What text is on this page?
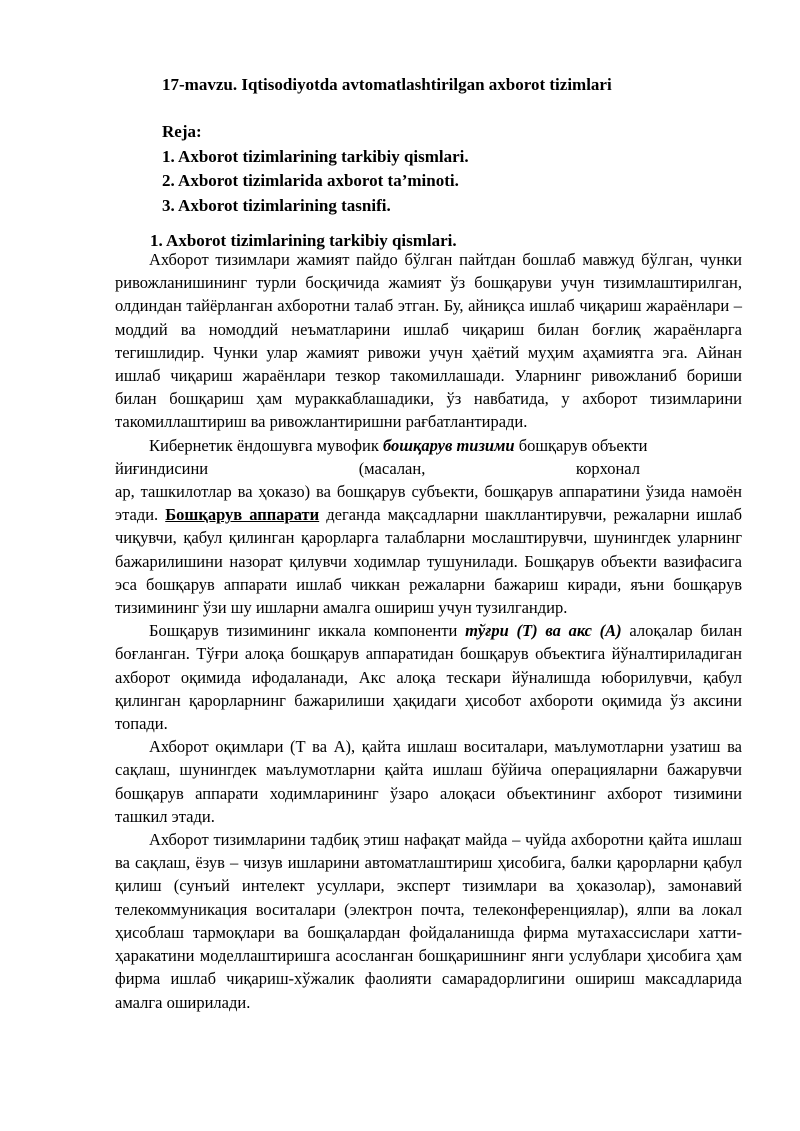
17-mavzu. Iqtisodiyotda avtomatlashtirilgan axborot tizimlari
Reja:
1. Axborot tizimlarining tarkibiy qismlari.
2. Axborot tizimlarida axborot ta’minoti.
3. Axborot tizimlarining tasnifi.
1. Axborot tizimlarining tarkibiy qismlari.

Ахборот тизимлари жамият пайдо бўлган пайтдан бошлаб мавжуд бўлган, чунки ривожланишининг турли босқичида жамият ўз бошқаруви учун тизимлаштирилган, олдиндан тайёрланган ахборотни талаб этган. Бу, айниқса ишлаб чиқариш жараёнлари – моддий ва номоддий неъматларини ишлаб чиқариш билан боғлиқ жараёнларга тегишлидир. Чунки улар жамият ривожи учун ҳаётий муҳим аҳамиятга эга. Айнан ишлаб чиқариш жараёнлари тезкор такомиллашади. Уларнинг ривожланиб бориши билан бошқариш ҳам мураккаблашадики, ўз навбатида, у ахборот тизимларини такомиллаштириш ва ривожлантиришни рағбатлантиради.

Кибернетик ёндошувга мувофик бошқарув тизими бошқарув объекти

йиғиндисини	(масалан,	корхонал

ар, ташкилотлар ва ҳоказо) ва бошқарув субъекти, бошқарув аппаратини ўзида намоён этади. Бошқарув аппарати деганда мақсадларни шакллантирувчи, режаларни ишлаб чиқувчи, қабул қилинган қарорларга талабларни мослаштирувчи, шунингдек уларнинг бажарилишини назорат қилувчи ходимлар тушунилади. Бошқарув объекти вазифасига эса бошқарув аппарати ишлаб чиккан режаларни бажариш киради, яъни бошқарув тизимининг ўзи шу ишларни амалга ошириш учун тузилгандир.

Бошқарув тизимининг иккала компоненти тўғри (Т) ва акс (А) алоқалар билан боғланган. Тўғри алоқа бошқарув аппаратидан бошқарув объектига йўналтириладиган ахборот оқимида ифодаланади, Акс алоқа тескари йўналишда юборилувчи, қабул қилинган қарорларнинг бажарилиши ҳақидаги ҳисобот ахбороти оқимида ўз аксини топади.

Ахборот оқимлари (Т ва А), қайта ишлаш воситалари, маълумотларни узатиш ва сақлаш, шунингдек маълумотларни қайта ишлаш бўйича операцияларни бажарувчи бошқарув аппарати ходимларининг ўзаро алоқаси объектининг ахборот тизимини ташкил этади.

Ахборот тизимларини тадбиқ этиш нафақат майда – чуйда ахборотни қайта ишлаш ва сақлаш, ёзув – чизув ишларини автоматлаштириш ҳисобига, балки қарорларни қабул қилиш (сунъий интелект усуллари, эксперт тизимлари ва ҳоказолар), замонавий телекоммуникация воситалари (электрон почта, телеконференциялар), ялпи ва локал ҳисоблаш тармоқлари ва бошқалардан фойдаланишда фирма мутахассислари хатти-ҳаракатини моделлаштиришга асосланган бошқаришнинг янги услублари ҳисобига ҳам фирма ишлаб чиқариш-хўжалик фаолияти самарадорлигини ошириш максадларида амалга оширилади.
